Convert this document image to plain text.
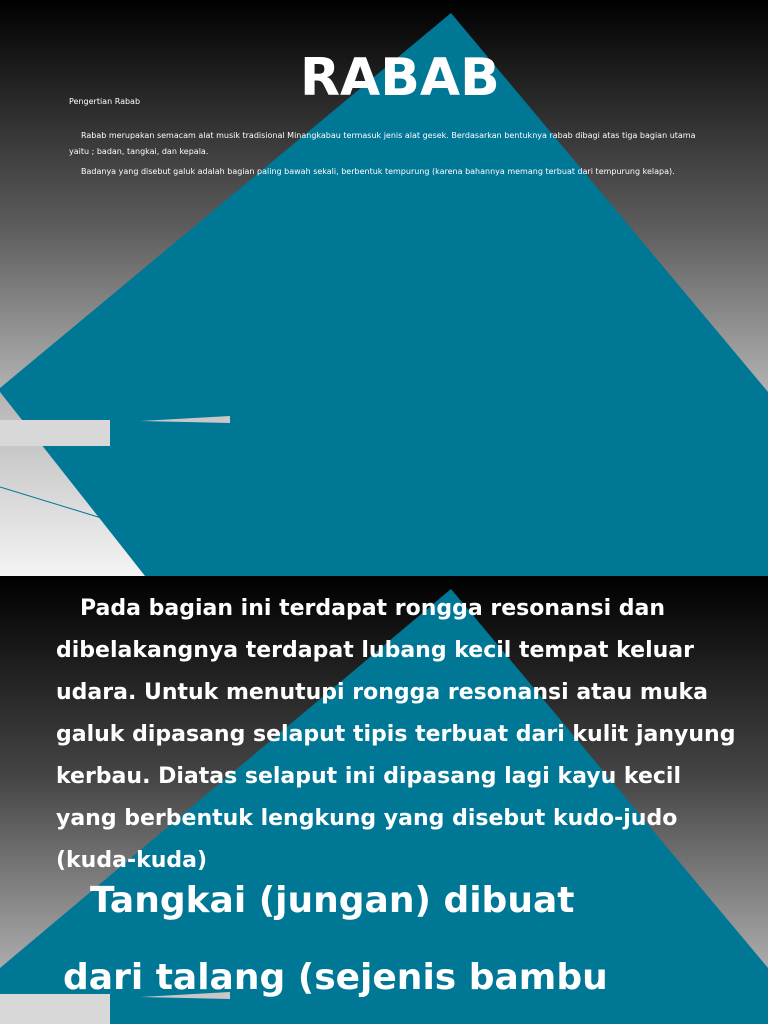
RABAB

Pengertian Rabab

Rabab merupakan semacam alat musik tradisional Minangkabau termasuk jenis alat gesek. Berdasarkan bentuknya rabab dibagi atas tiga bagian utama yaitu ; badan, tangkai, dan kepala.

Badanya yang disebut galuk adalah bagian paling bawah sekali, berbentuk tempurung (karena bahannya memang terbuat dari tempurung kelapa).

Pada bagian ini terdapat rongga resonansi dan dibelakangnya terdapat lubang kecil tempat keluar udara. Untuk menutupi rongga resonansi atau muka galuk dipasang selaput tipis terbuat dari kulit janyung kerbau. Diatas selaput ini dipasang lagi kayu kecil yang berbentuk lengkung yang disebut kudo-judo (kuda-kuda)

Tangkai (jungan) dibuat

dari talang (sejenis bambu
